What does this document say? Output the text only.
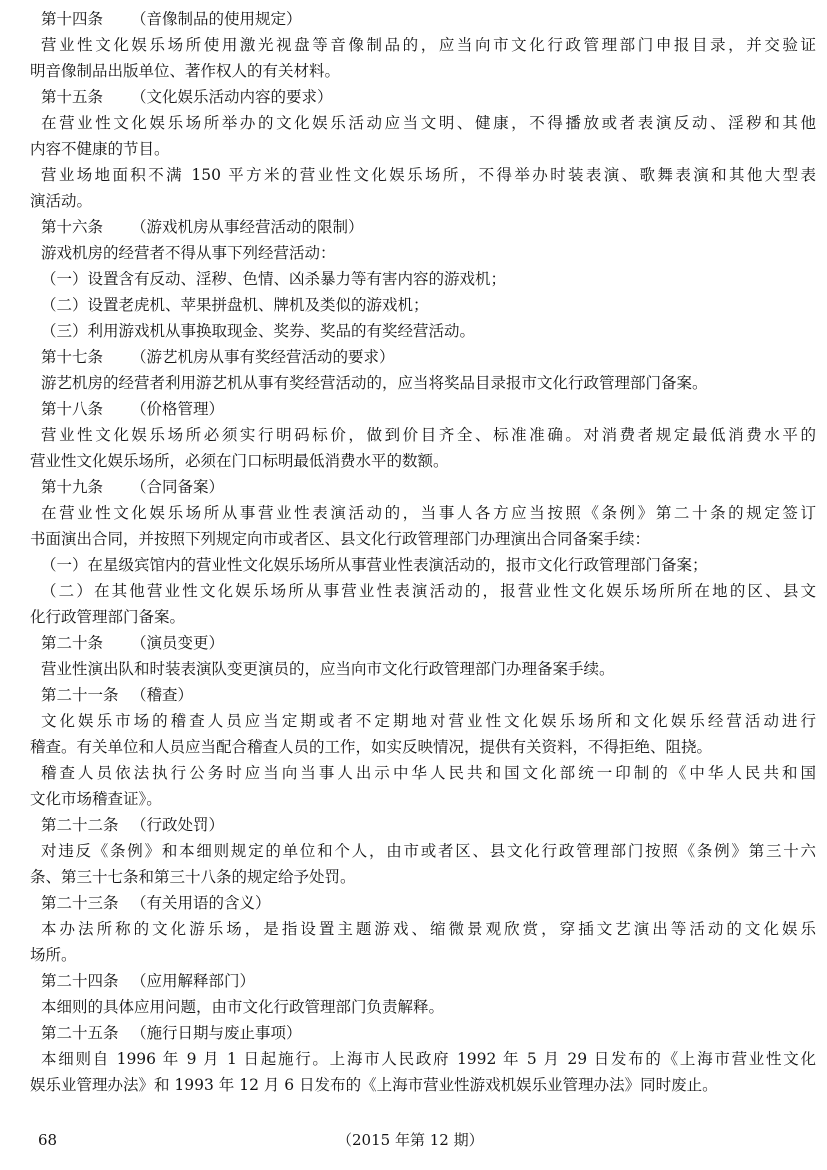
第十四条 （音像制品的使用规定）
营业性文化娱乐场所使用激光视盘等音像制品的，应当向市文化行政管理部门申报目录，并交验证
明音像制品出版单位、著作权人的有关材料。
第十五条 （文化娱乐活动内容的要求）
在营业性文化娱乐场所举办的文化娱乐活动应当文明、健康，不得播放或者表演反动、淫秽和其他
内容不健康的节目。
营业场地面积不满 150 平方米的营业性文化娱乐场所，不得举办时装表演、歌舞表演和其他大型表
演活动。
第十六条 （游戏机房从事经营活动的限制）
游戏机房的经营者不得从事下列经营活动：
（一）设置含有反动、淫秽、色情、凶杀暴力等有害内容的游戏机；
（二）设置老虎机、苹果拼盘机、牌机及类似的游戏机；
（三）利用游戏机从事换取现金、奖券、奖品的有奖经营活动。
第十七条 （游艺机房从事有奖经营活动的要求）
游艺机房的经营者利用游艺机从事有奖经营活动的，应当将奖品目录报市文化行政管理部门备案。
第十八条 （价格管理）
营业性文化娱乐场所必须实行明码标价，做到价目齐全、标准准确。对消费者规定最低消费水平的
营业性文化娱乐场所，必须在门口标明最低消费水平的数额。
第十九条 （合同备案）
在营业性文化娱乐场所从事营业性表演活动的，当事人各方应当按照《条例》第二十条的规定签订
书面演出合同，并按照下列规定向市或者区、县文化行政管理部门办理演出合同备案手续：
（一）在星级宾馆内的营业性文化娱乐场所从事营业性表演活动的，报市文化行政管理部门备案；
（二）在其他营业性文化娱乐场所从事营业性表演活动的，报营业性文化娱乐场所所在地的区、县文
化行政管理部门备案。
第二十条 （演员变更）
营业性演出队和时装表演队变更演员的，应当向市文化行政管理部门办理备案手续。
第二十一条 （稽查）
文化娱乐市场的稽查人员应当定期或者不定期地对营业性文化娱乐场所和文化娱乐经营活动进行
稽查。有关单位和人员应当配合稽查人员的工作，如实反映情况，提供有关资料，不得拒绝、阻挠。
稽查人员依法执行公务时应当向当事人出示中华人民共和国文化部统一印制的《中华人民共和国
文化市场稽查证》。
第二十二条 （行政处罚）
对违反《条例》和本细则规定的单位和个人，由市或者区、县文化行政管理部门按照《条例》第三十六
条、第三十七条和第三十八条的规定给予处罚。
第二十三条 （有关用语的含义）
本办法所称的文化游乐场，是指设置主题游戏、缩微景观欣赏，穿插文艺演出等活动的文化娱乐
场所。
第二十四条 （应用解释部门）
本细则的具体应用问题，由市文化行政管理部门负责解释。
第二十五条 （施行日期与废止事项）
本细则自 1996 年 9 月 1 日起施行。上海市人民政府 1992 年 5 月 29 日发布的《上海市营业性文化
娱乐业管理办法》和 1993 年 12 月 6 日发布的《上海市营业性游戏机娱乐业管理办法》同时废止。
68	（2015 年第 12 期）
